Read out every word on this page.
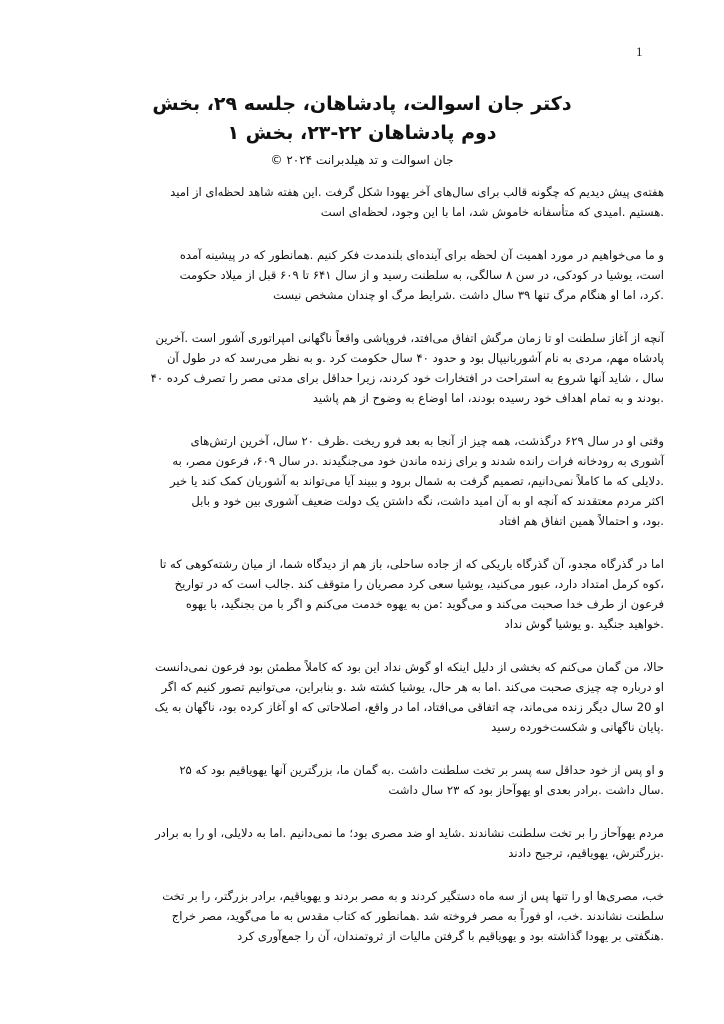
1
دکتر جان اسوالت، پادشاهان، جلسه ۲۹، بخش
دوم پادشاهان ۲۲-۲۳، بخش ۱
جان اسوالت و تد هیلدبرانت ۲۰۲۴ ©
هفته‌ی پیش دیدیم که چگونه قالب برای سال‌های آخر یهودا شکل گرفت .این هفته شاهد لحظه‌ای از امید
.هستیم .امیدی که متأسفانه خاموش شد، اما با این وجود، لحظه‌ای است
و ما می‌خواهیم در مورد اهمیت آن لحظه برای آینده‌ای بلندمدت فکر کنیم .همانطور که در پیشینه آمده
است، یوشیا در کودکی، در سن ۸ سالگی، به سلطنت رسید و از سال ۶۴۱ تا ۶۰۹ قبل از میلاد حکومت
.کرد، اما او هنگام مرگ تنها ۳۹ سال داشت .شرایط مرگ او چندان مشخص نیست
آنچه از آغاز سلطنت او تا زمان مرگش اتفاق می‌افتد، فروپاشی واقعاً ناگهانی امپراتوری آشور است .آخرین
پادشاه مهم، مردی به نام آشوربانیپال بود و حدود ۴۰ سال حکومت کرد .و به نظر می‌رسد که در طول آن
سال ، شاید آنها شروع به استراحت در افتخارات خود کردند، زیرا حداقل برای مدتی مصر را تصرف کرده ۴۰
.بودند و به تمام اهداف خود رسیده بودند، اما اوضاع به وضوح از هم پاشید
وقتی او در سال ۶۲۹ درگذشت، همه چیز از آنجا به بعد فرو ریخت .ظرف ۲۰ سال، آخرین ارتش‌های
آشوری به رودخانه فرات رانده شدند و برای زنده ماندن خود می‌جنگیدند .در سال ۶۰۹، فرعون مصر، به
.دلایلی که ما کاملاً نمی‌دانیم، تصمیم گرفت به شمال برود و ببیند آیا می‌تواند به آشوریان کمک کند یا خیر
اکثر مردم معتقدند که آنچه او به آن امید داشت، نگه داشتن یک دولت ضعیف آشوری بین خود و بابل
.بود، و احتمالاً همین اتفاق هم افتاد
اما در گذرگاه مجدو، آن گذرگاه باریکی که از جاده ساحلی، باز هم از دیدگاه شما، از میان رشته‌کوهی که تا
،کوه کرمل امتداد دارد، عبور می‌کنید، یوشیا سعی کرد مصریان را متوقف کند .جالب است که در تواریخ
فرعون از طرف خدا صحبت می‌کند و می‌گوید :من به یهوه خدمت می‌کنم و اگر با من بجنگید، با یهوه
.خواهید جنگید .و یوشیا گوش نداد
حالا، من گمان می‌کنم که بخشی از دلیل اینکه او گوش نداد این بود که کاملاً مطمئن بود فرعون نمی‌دانست
او درباره چه چیزی صحبت می‌کند .اما به هر حال، یوشیا کشته شد .و بنابراین، می‌توانیم تصور کنیم که اگر
او 20 سال دیگر زنده می‌ماند، چه اتفاقی می‌افتاد، اما در واقع، اصلاحاتی که او آغاز کرده بود، ناگهان به یک
.پایان ناگهانی و شکست‌خورده رسید
و او پس از خود حداقل سه پسر بر تخت سلطنت داشت .به گمان ما، بزرگترین آنها یهویاقیم بود که ۲۵
.سال داشت .برادر بعدی او یهوآحاز بود که ۲۳ سال داشت
مردم یهوآحاز را بر تخت سلطنت نشاندند .شاید او ضد مصری بود؛ ما نمی‌دانیم .اما به دلایلی، او را به برادر
.بزرگترش، یهویاقیم، ترجیح دادند
خب، مصری‌ها او را تنها پس از سه ماه دستگیر کردند و به مصر بردند و یهویاقیم، برادر بزرگتر، را بر تخت
سلطنت نشاندند .خب، او فوراً به مصر فروخته شد .همانطور که کتاب مقدس به ما می‌گوید، مصر خراج
.هنگفتی بر یهودا گذاشته بود و یهویاقیم با گرفتن مالیات از ثروتمندان، آن را جمع‌آوری کرد
